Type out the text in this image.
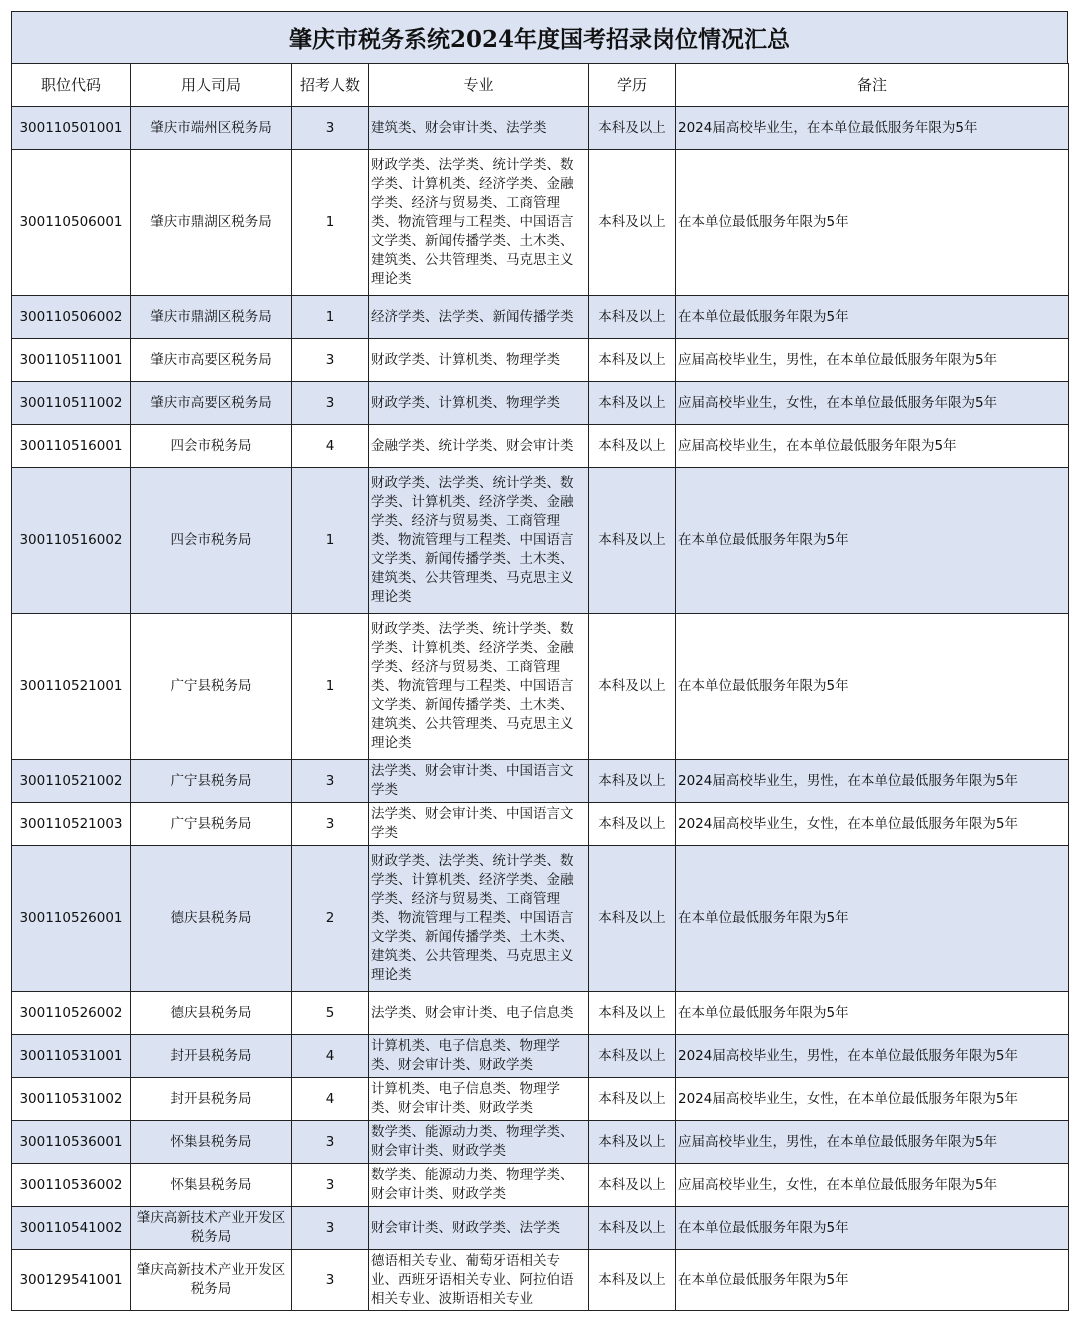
肇庆市税务系统2024年度国考招录岗位情况汇总
职位代码	用人司局	招考人数	专业	学历	备注
300110501001	肇庆市端州区税务局	3	建筑类、财会审计类、法学类	本科及以上	2024届高校毕业生，在本单位最低服务年限为5年
300110506001	肇庆市鼎湖区税务局	1	财政学类、法学类、统计学类、数学类、计算机类、经济学类、金融学类、经济与贸易类、工商管理类、物流管理与工程类、中国语言文学类、新闻传播学类、土木类、建筑类、公共管理类、马克思主义理论类	本科及以上	在本单位最低服务年限为5年
300110506002	肇庆市鼎湖区税务局	1	经济学类、法学类、新闻传播学类	本科及以上	在本单位最低服务年限为5年
300110511001	肇庆市高要区税务局	3	财政学类、计算机类、物理学类	本科及以上	应届高校毕业生，男性，在本单位最低服务年限为5年
300110511002	肇庆市高要区税务局	3	财政学类、计算机类、物理学类	本科及以上	应届高校毕业生，女性，在本单位最低服务年限为5年
300110516001	四会市税务局	4	金融学类、统计学类、财会审计类	本科及以上	应届高校毕业生，在本单位最低服务年限为5年
300110516002	四会市税务局	1	财政学类、法学类、统计学类、数学类、计算机类、经济学类、金融学类、经济与贸易类、工商管理类、物流管理与工程类、中国语言文学类、新闻传播学类、土木类、建筑类、公共管理类、马克思主义理论类	本科及以上	在本单位最低服务年限为5年
300110521001	广宁县税务局	1	财政学类、法学类、统计学类、数学类、计算机类、经济学类、金融学类、经济与贸易类、工商管理类、物流管理与工程类、中国语言文学类、新闻传播学类、土木类、建筑类、公共管理类、马克思主义理论类	本科及以上	在本单位最低服务年限为5年
300110521002	广宁县税务局	3	法学类、财会审计类、中国语言文学类	本科及以上	2024届高校毕业生，男性，在本单位最低服务年限为5年
300110521003	广宁县税务局	3	法学类、财会审计类、中国语言文学类	本科及以上	2024届高校毕业生，女性，在本单位最低服务年限为5年
300110526001	德庆县税务局	2	财政学类、法学类、统计学类、数学类、计算机类、经济学类、金融学类、经济与贸易类、工商管理类、物流管理与工程类、中国语言文学类、新闻传播学类、土木类、建筑类、公共管理类、马克思主义理论类	本科及以上	在本单位最低服务年限为5年
300110526002	德庆县税务局	5	法学类、财会审计类、电子信息类	本科及以上	在本单位最低服务年限为5年
300110531001	封开县税务局	4	计算机类、电子信息类、物理学类、财会审计类、财政学类	本科及以上	2024届高校毕业生，男性，在本单位最低服务年限为5年
300110531002	封开县税务局	4	计算机类、电子信息类、物理学类、财会审计类、财政学类	本科及以上	2024届高校毕业生，女性，在本单位最低服务年限为5年
300110536001	怀集县税务局	3	数学类、能源动力类、物理学类、财会审计类、财政学类	本科及以上	应届高校毕业生，男性，在本单位最低服务年限为5年
300110536002	怀集县税务局	3	数学类、能源动力类、物理学类、财会审计类、财政学类	本科及以上	应届高校毕业生，女性，在本单位最低服务年限为5年
300110541002	肇庆高新技术产业开发区税务局	3	财会审计类、财政学类、法学类	本科及以上	在本单位最低服务年限为5年
300129541001	肇庆高新技术产业开发区税务局	3	德语相关专业、葡萄牙语相关专业、西班牙语相关专业、阿拉伯语相关专业、波斯语相关专业	本科及以上	在本单位最低服务年限为5年
